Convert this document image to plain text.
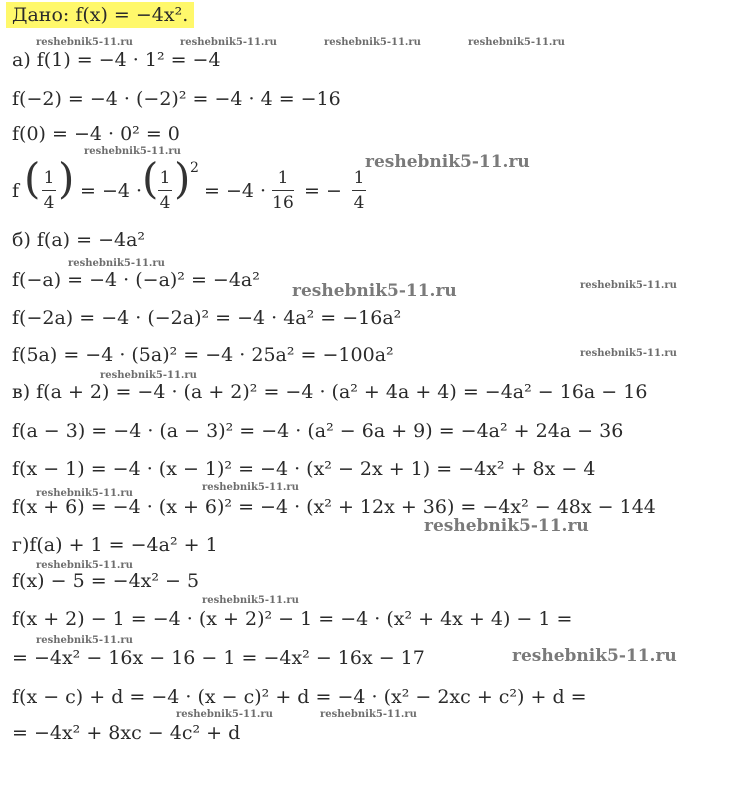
Дано: f(x) = −4x².
reshebnik5-11.ru	reshebnik5-11.ru	reshebnik5-11.ru	reshebnik5-11.ru
reshebnik5-11.ru
reshebnik5-11.ru
reshebnik5-11.ru
reshebnik5-11.ru
reshebnik5-11.ru
reshebnik5-11.ru
reshebnik5-11.ru
reshebnik5-11.ru
reshebnik5-11.ru
reshebnik5-11.ru
reshebnik5-11.ru	reshebnik5-11.ru
reshebnik5-11.ru
reshebnik5-11.ru
reshebnik5-11.ru
reshebnik5-11.ru
а) f(1) = −4 · 1² = −4
f(−2) = −4 · (−2)² = −4 · 4 = −16
f(0) = −4 · 0² = 0
f ( 1
4 ) = −4 · ( 1
4 ) 2
= −4 ·
1
16
= −
1
4
б) f(a) = −4a²
f(−a) = −4 · (−a)² = −4a²
f(−2a) = −4 · (−2a)² = −4 · 4a² = −16a²
f(5a) = −4 · (5a)² = −4 · 25a² = −100a²
в) f(a + 2) = −4 · (a + 2)² = −4 · (a² + 4a + 4) = −4a² − 16a − 16
f(a − 3) = −4 · (a − 3)² = −4 · (a² − 6a + 9) = −4a² + 24a − 36
f(x − 1) = −4 · (x − 1)² = −4 · (x² − 2x + 1) = −4x² + 8x − 4
f(x + 6) = −4 · (x + 6)² = −4 · (x² + 12x + 36) = −4x² − 48x − 144
г)f(a) + 1 = −4a² + 1
f(x) − 5 = −4x² − 5
f(x + 2) − 1 = −4 · (x + 2)² − 1 = −4 · (x² + 4x + 4) − 1 =
= −4x² − 16x − 16 − 1 = −4x² − 16x − 17
f(x − c) + d = −4 · (x − c)² + d = −4 · (x² − 2xc + c²) + d =
= −4x² + 8xc − 4c² + d
